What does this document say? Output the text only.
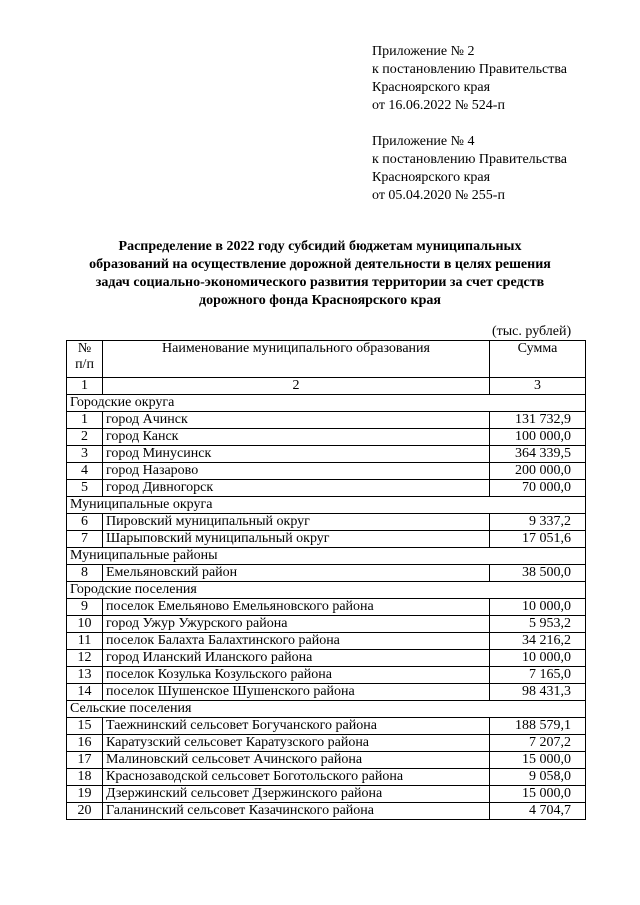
Приложение № 2
к постановлению Правительства
Красноярского края
от 16.06.2022 № 524-п
Приложение № 4
к постановлению Правительства
Красноярского края
от 05.04.2020 № 255-п
Распределение в 2022 году субсидий бюджетам муниципальных
образований на осуществление дорожной деятельности в целях решения
задач социально-экономического развития территории за счет средств
дорожного фонда Красноярского края
(тыс. рублей)
№ п/п	Наименование муниципального образования	Сумма
1	2	3
Городские округа		
1	город Ачинск	131 732,9
2	город Канск	100 000,0
3	город Минусинск	364 339,5
4	город Назарово	200 000,0
5	город Дивногорск	70 000,0
Муниципальные округа		
6	Пировский муниципальный округ	9 337,2
7	Шарыповский муниципальный округ	17 051,6
Муниципальные районы		
8	Емельяновский район	38 500,0
Городские поселения		
9	поселок Емельяново Емельяновского района	10 000,0
10	город Ужур Ужурского района	5 953,2
11	поселок Балахта Балахтинского района	34 216,2
12	город Иланский Иланского района	10 000,0
13	поселок Козулька Козульского района	7 165,0
14	поселок Шушенское Шушенского района	98 431,3
Сельские поселения		
15	Таежнинский сельсовет Богучанского района	188 579,1
16	Каратузский сельсовет Каратузского района	7 207,2
17	Малиновский сельсовет Ачинского района	15 000,0
18	Краснозаводской сельсовет Боготольского района	9 058,0
19	Дзержинский сельсовет Дзержинского района	15 000,0
20	Галанинский сельсовет Казачинского района	4 704,7
